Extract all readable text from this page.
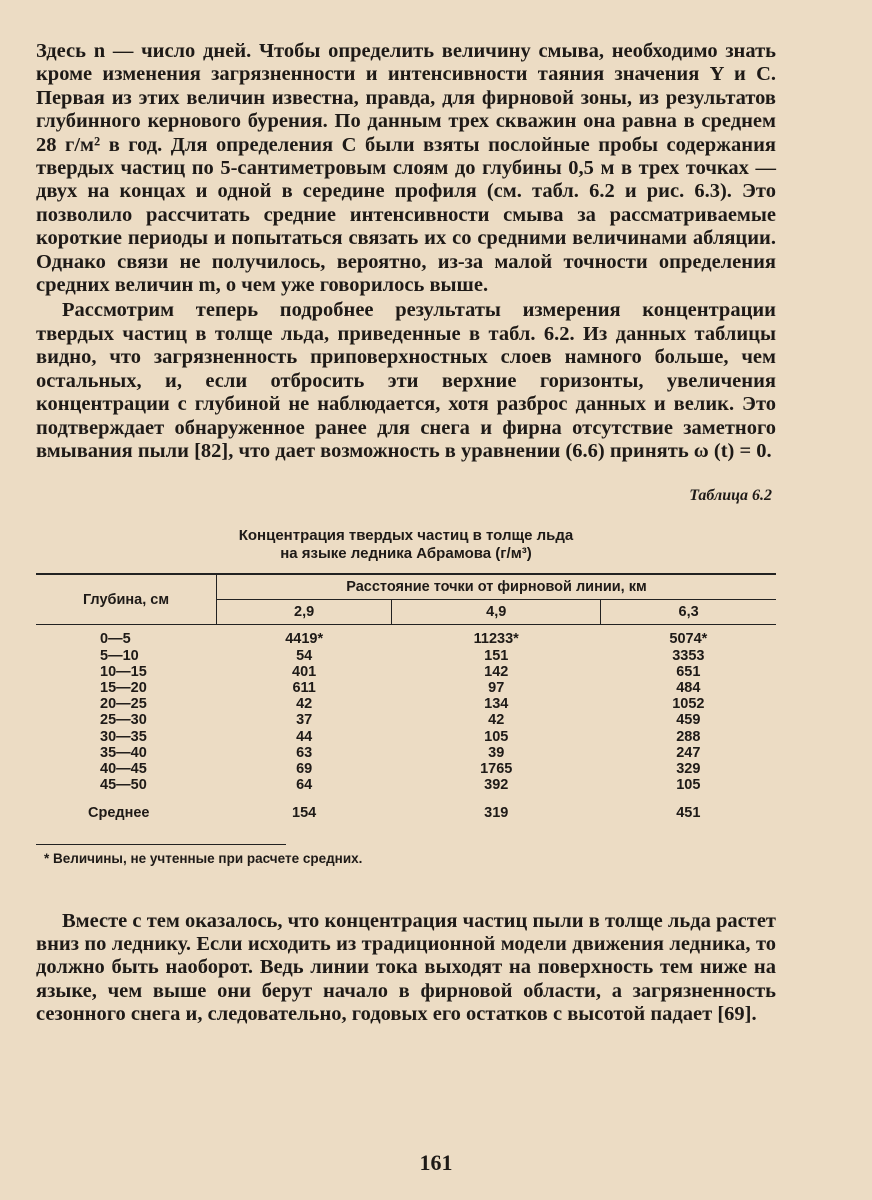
Здесь n — число дней. Чтобы определить величину смыва, необходимо знать кроме изменения загрязненности и интенсивности таяния значения Y и C. Первая из этих величин известна, правда, для фирновой зоны, из результатов глубинного кернового бурения. По данным трех скважин она равна в среднем 28 г/м² в год. Для определения C были взяты послойные пробы содержания твердых частиц по 5-сантиметровым слоям до глубины 0,5 м в трех точках — двух на концах и одной в середине профиля (см. табл. 6.2 и рис. 6.3). Это позволило рассчитать средние интенсивности смыва за рассматриваемые короткие периоды и попытаться связать их со средними величинами абляции. Однако связи не получилось, вероятно, из-за малой точности определения средних величин m, о чем уже говорилось выше.

Рассмотрим теперь подробнее результаты измерения концентрации твердых частиц в толще льда, приведенные в табл. 6.2. Из данных таблицы видно, что загрязненность приповерхностных слоев намного больше, чем остальных, и, если отбросить эти верхние горизонты, увеличения концентрации с глубиной не наблюдается, хотя разброс данных и велик. Это подтверждает обнаруженное ранее для снега и фирна отсутствие заметного вмывания пыли [82], что дает возможность в уравнении (6.6) принять ω (t) = 0.

Таблица 6.2
Концентрация твердых частиц в толще льда
на языке ледника Абрамова (г/м³)
Глубина, см	Расстояние точки от фирновой линии, км		
	2,9	4,9	6,3
0—5	4419*	11233*	5074*
5—10	54	151	3353
10—15	401	142	651
15—20	611	97	484
20—25	42	134	1052
25—30	37	42	459
30—35	44	105	288
35—40	63	39	247
40—45	69	1765	329
45—50	64	392	105
Среднее	154	319	451
* Величины, не учтенные при расчете средних.

Вместе с тем оказалось, что концентрация частиц пыли в толще льда растет вниз по леднику. Если исходить из традиционной модели движения ледника, то должно быть наоборот. Ведь линии тока выходят на поверхность тем ниже на языке, чем выше они берут начало в фирновой области, а загрязненность сезонного снега и, следовательно, годовых его остатков с высотой падает [69].

161
